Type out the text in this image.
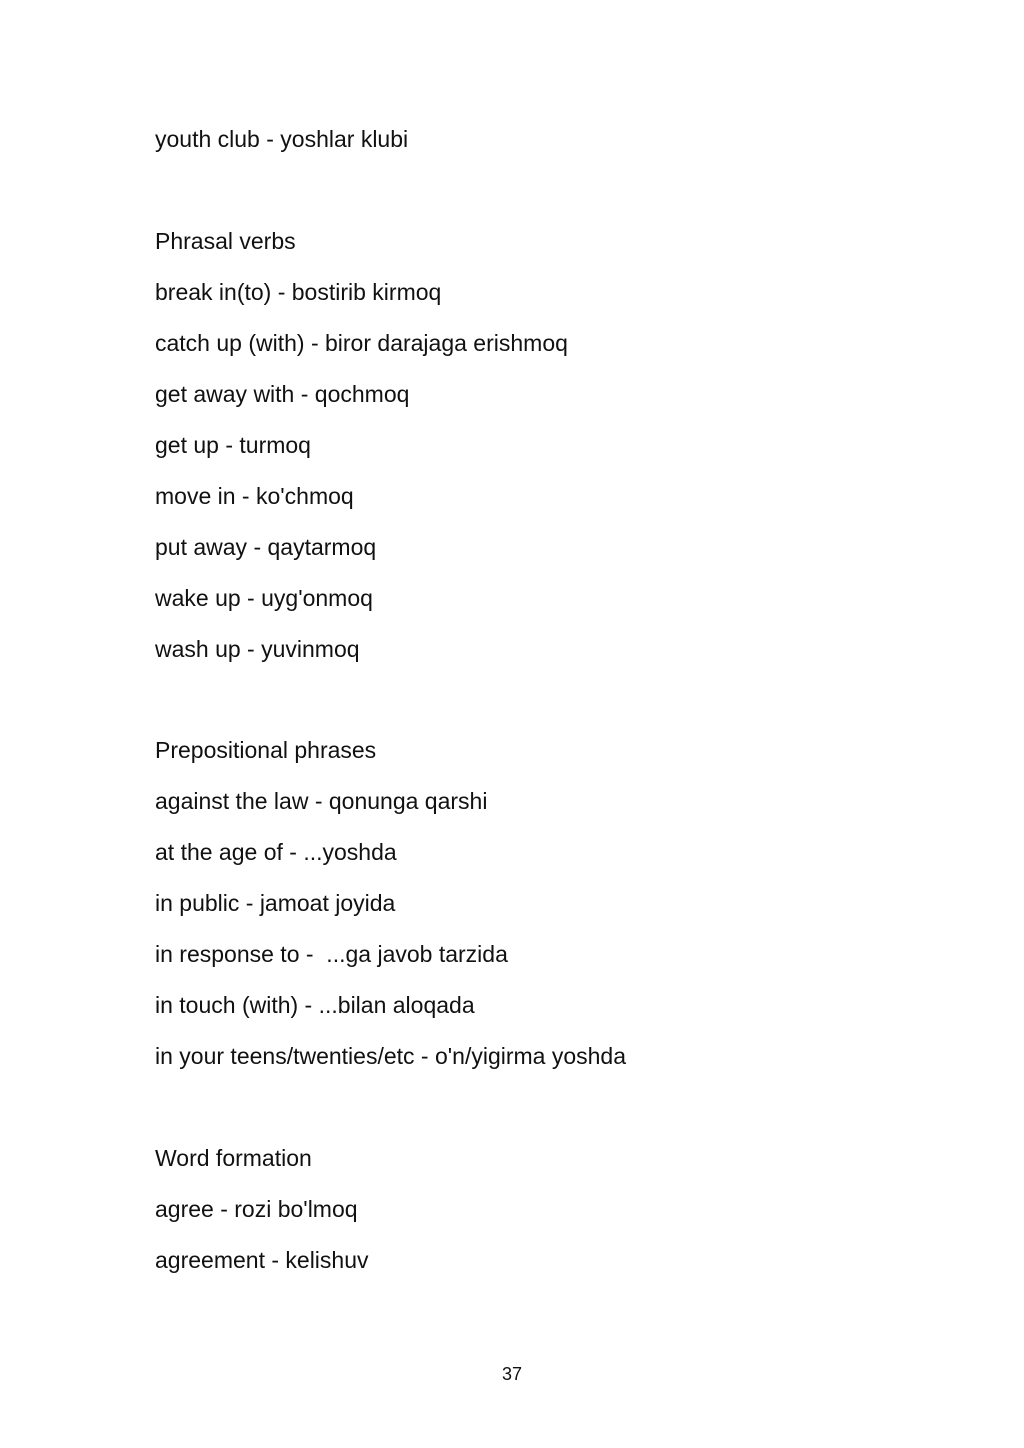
youth club - yoshlar klubi
Phrasal verbs
break in(to) - bostirib kirmoq
catch up (with) - biror darajaga erishmoq
get away with - qochmoq
get up - turmoq
move in - ko'chmoq
put away - qaytarmoq
wake up - uyg'onmoq
wash up - yuvinmoq
Prepositional phrases
against the law - qonunga qarshi
at the age of - ...yoshda
in public - jamoat joyida
in response to -  ...ga javob tarzida
in touch (with) - ...bilan aloqada
in your teens/twenties/etc - o'n/yigirma yoshda
Word formation
agree - rozi bo'lmoq
agreement - kelishuv
37
